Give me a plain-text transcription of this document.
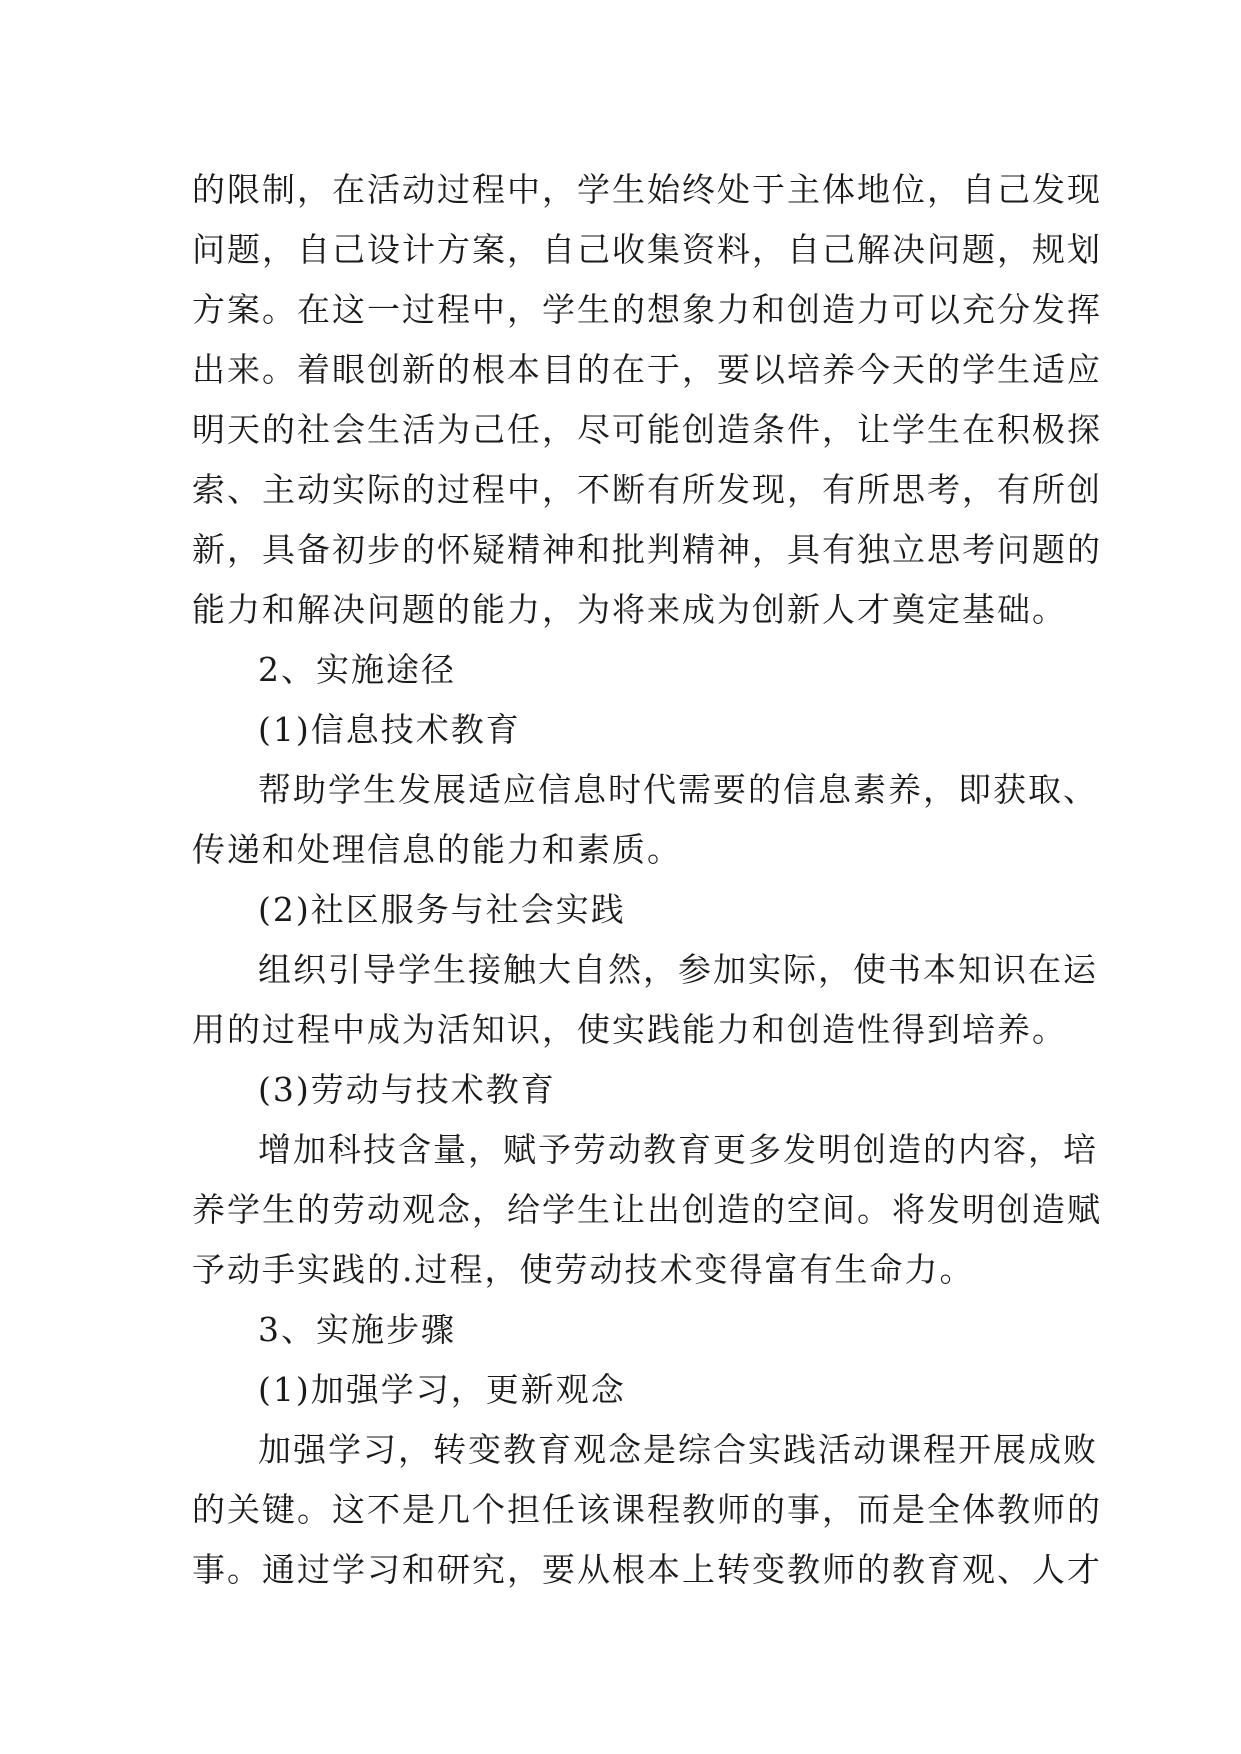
的限制，在活动过程中，学生始终处于主体地位，自己发现
问题，自己设计方案，自己收集资料，自己解决问题，规划
方案。在这一过程中，学生的想象力和创造力可以充分发挥
出来。着眼创新的根本目的在于，要以培养今天的学生适应
明天的社会生活为己任，尽可能创造条件，让学生在积极探
索、主动实际的过程中，不断有所发现，有所思考，有所创
新，具备初步的怀疑精神和批判精神，具有独立思考问题的
能力和解决问题的能力，为将来成为创新人才奠定基础。
2、实施途径
(1)信息技术教育
帮助学生发展适应信息时代需要的信息素养，即获取、
传递和处理信息的能力和素质。
(2)社区服务与社会实践
组织引导学生接触大自然，参加实际，使书本知识在运
用的过程中成为活知识，使实践能力和创造性得到培养。
(3)劳动与技术教育
增加科技含量，赋予劳动教育更多发明创造的内容，培
养学生的劳动观念，给学生让出创造的空间。将发明创造赋
予动手实践的.过程，使劳动技术变得富有生命力。
3、实施步骤
(1)加强学习，更新观念
加强学习，转变教育观念是综合实践活动课程开展成败
的关键。这不是几个担任该课程教师的事，而是全体教师的
事。通过学习和研究，要从根本上转变教师的教育观、人才
